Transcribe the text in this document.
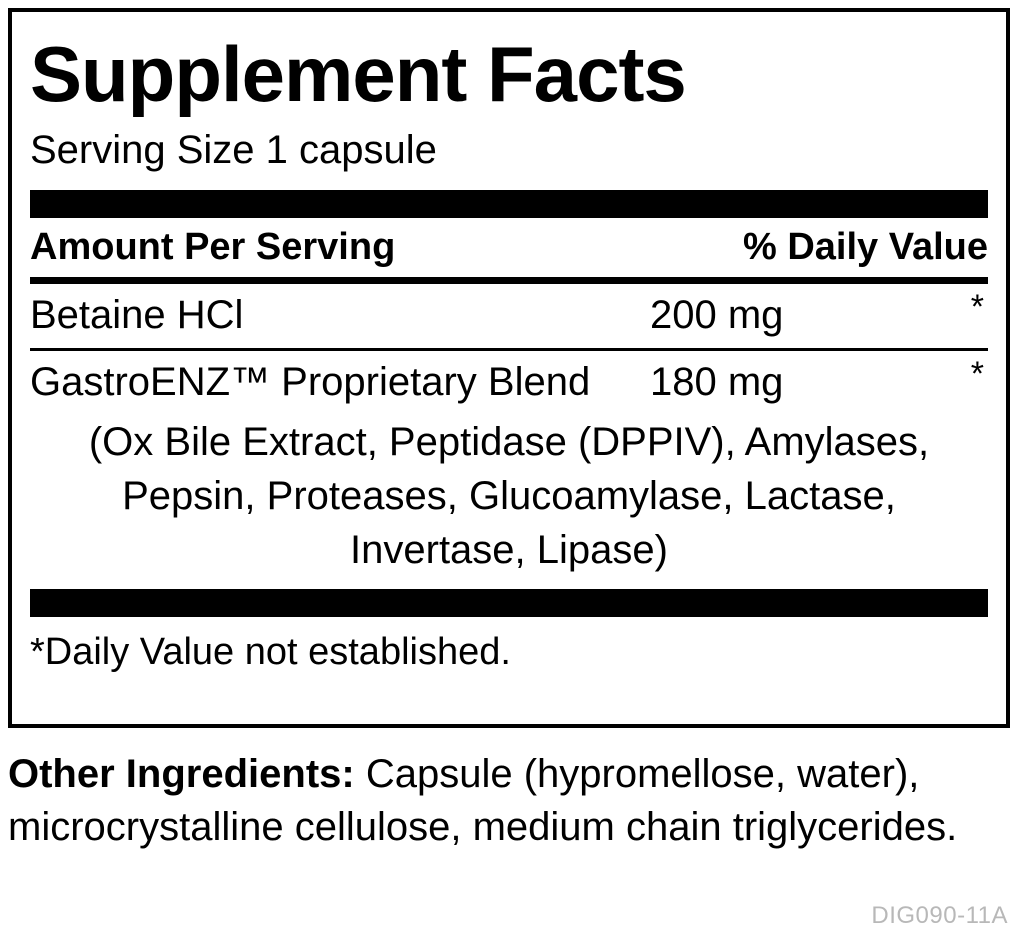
Supplement Facts
Serving Size 1 capsule
Amount Per Serving	% Daily Value
Betaine HCl	200 mg	*
GastroENZ™ Proprietary Blend 180 mg	*
(Ox Bile Extract, Peptidase (DPPIV), Amylases, Pepsin, Proteases, Glucoamylase, Lactase, Invertase, Lipase)
*Daily Value not established.
Other Ingredients: Capsule (hypromellose, water), microcrystalline cellulose, medium chain triglycerides.
DIG090-11A
